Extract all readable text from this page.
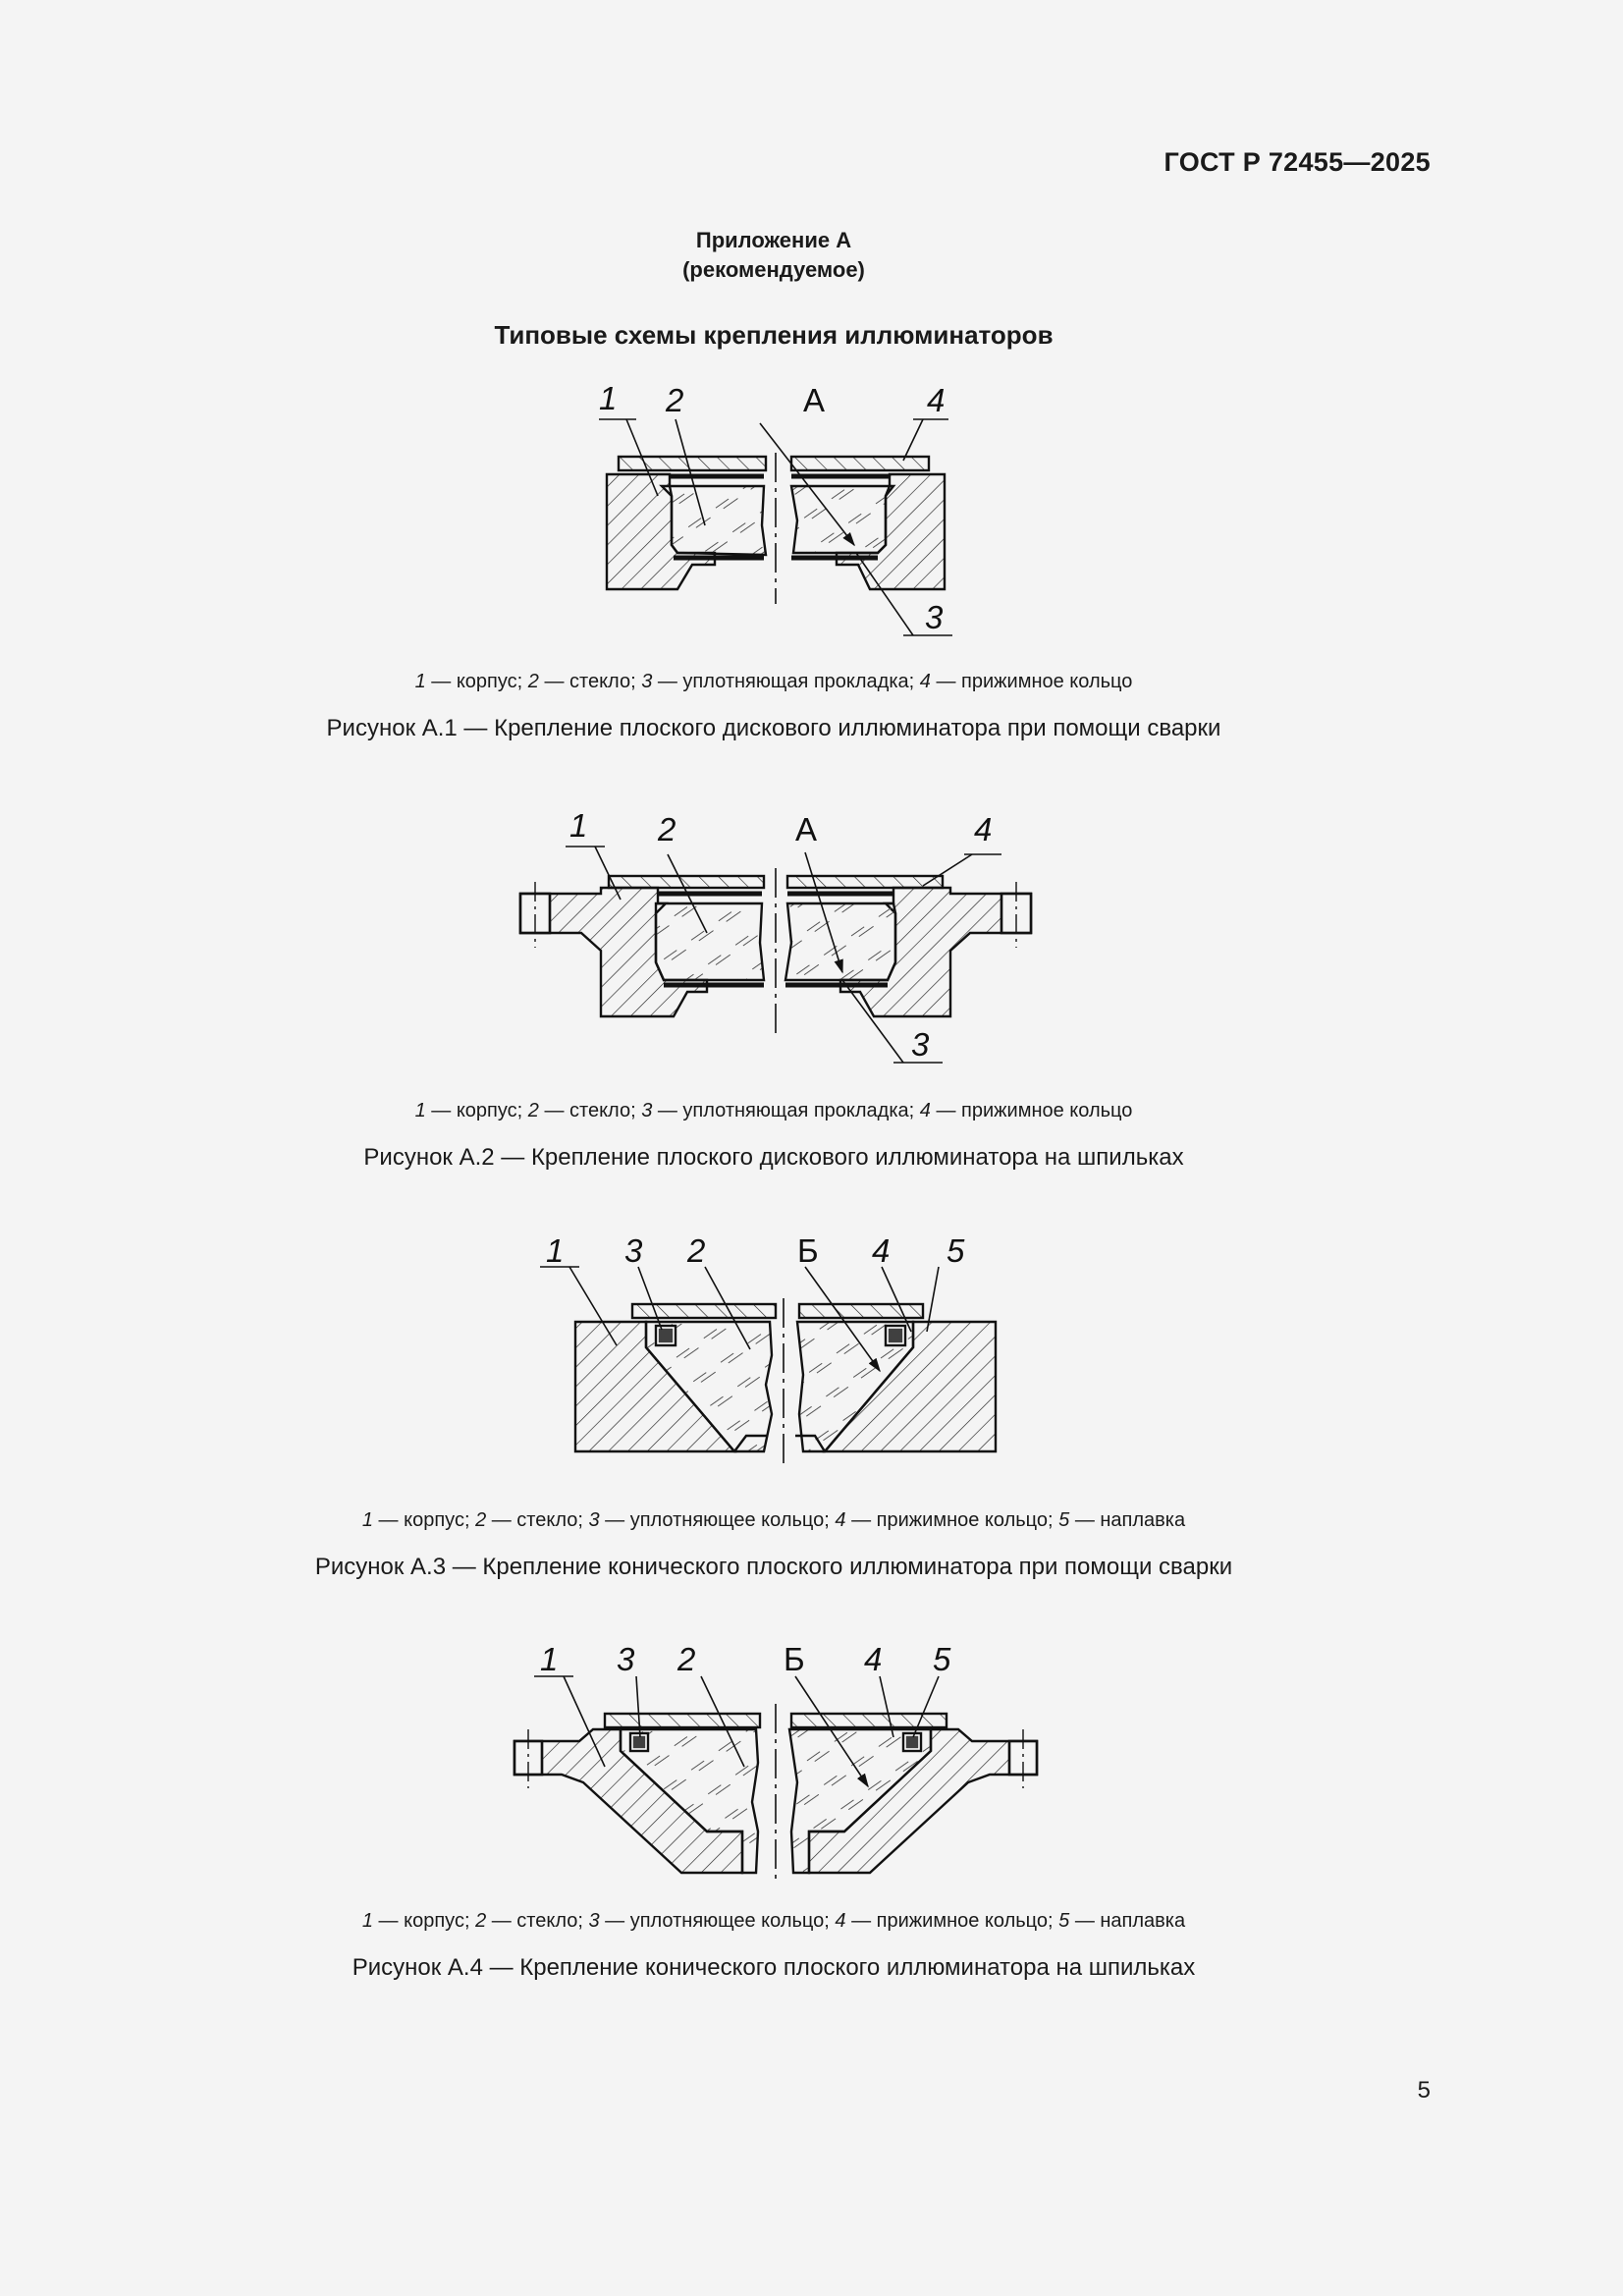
ГОСТ Р 72455—2025
Приложение А
(рекомендуемое)
Типовые схемы крепления иллюминаторов
1 2	А	4
3
1 — корпус; 2 — стекло; 3 — уплотняющая прокладка; 4 — прижимное кольцо
Рисунок А.1 — Крепление плоского дискового иллюминатора при помощи сварки
1 2	А	4
3
1 — корпус; 2 — стекло; 3 — уплотняющая прокладка; 4 — прижимное кольцо
Рисунок А.2 — Крепление плоского дискового иллюминатора на шпильках
1 3 2	Б 4 5
1 — корпус; 2 — стекло; 3 — уплотняющее кольцо; 4 — прижимное кольцо; 5 — наплавка
Рисунок А.3 — Крепление конического плоского иллюминатора при помощи сварки
1 3 2	Б 4 5
1 — корпус; 2 — стекло; 3 — уплотняющее кольцо; 4 — прижимное кольцо; 5 — наплавка
Рисунок А.4 — Крепление конического плоского иллюминатора на шпильках
5
